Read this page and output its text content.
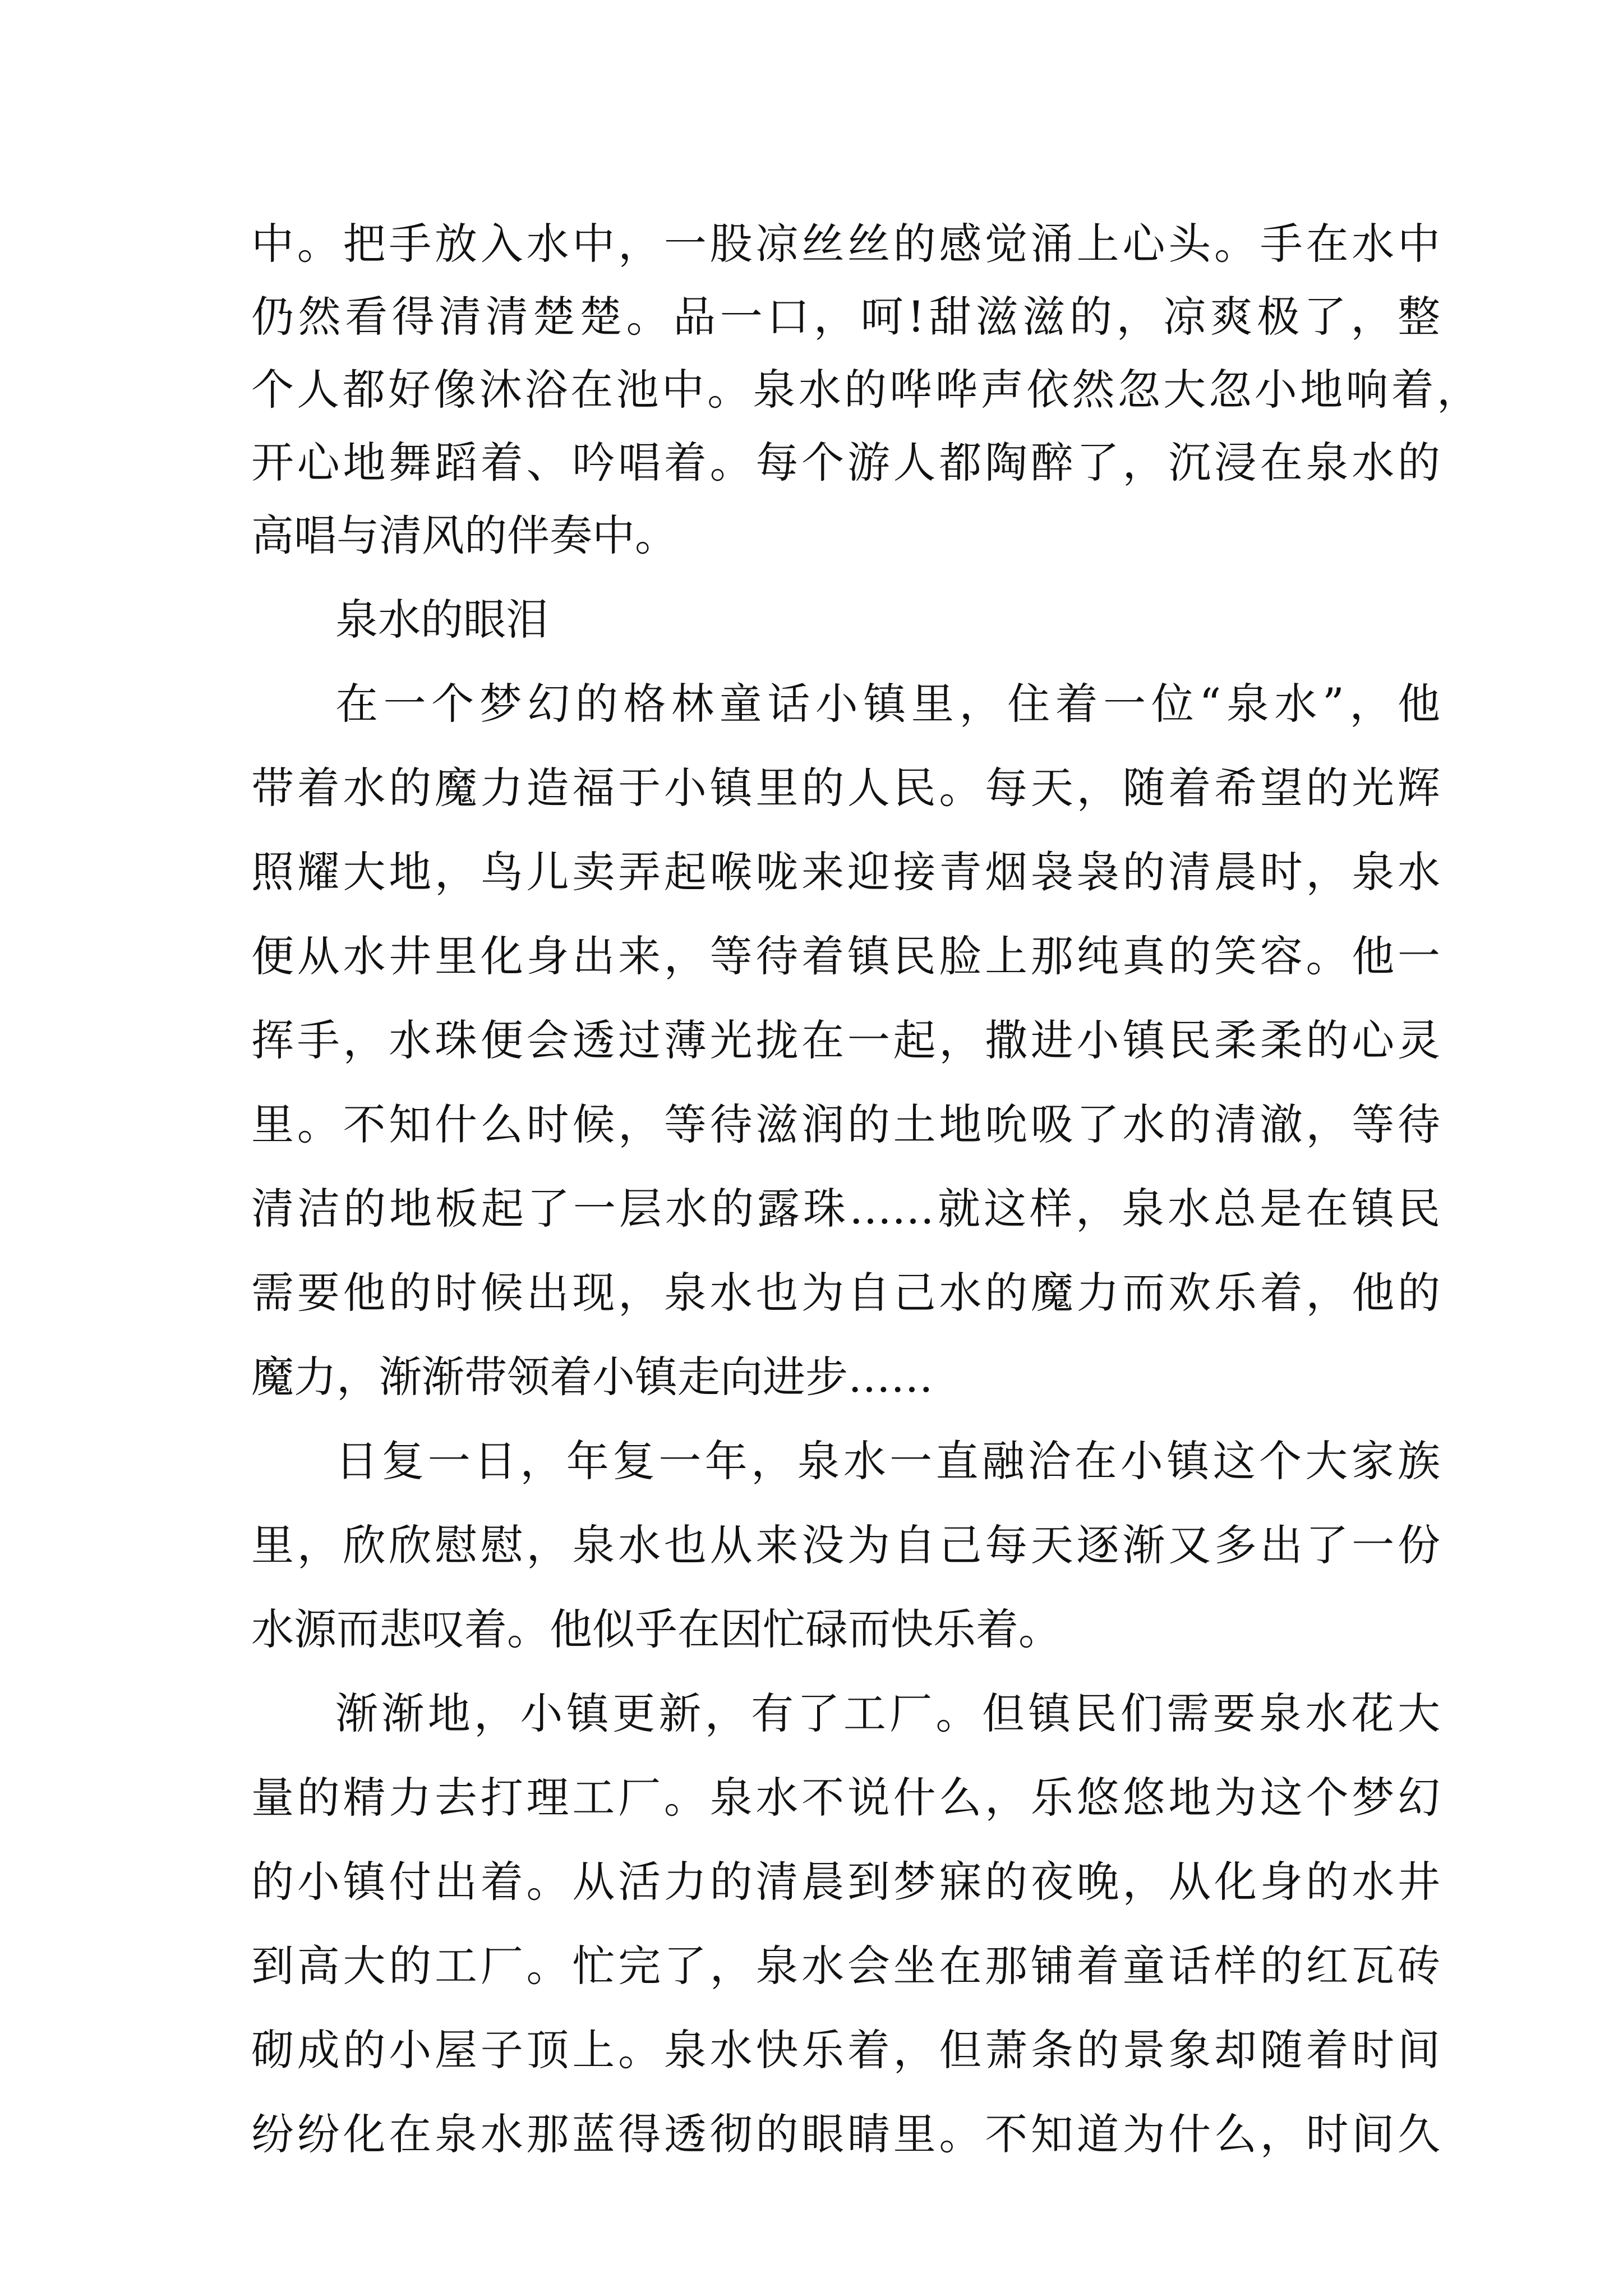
中。把手放入水中，一股凉丝丝的感觉涌上心头。手在水中
仍然看得清清楚楚。品一口，呵!甜滋滋的，凉爽极了，整
个人都好像沐浴在池中。泉水的哗哗声依然忽大忽小地响着，
开心地舞蹈着、吟唱着。每个游人都陶醉了，沉浸在泉水的
高唱与清风的伴奏中。
泉水的眼泪
在一个梦幻的格林童话小镇里，住着一位“泉水”，他
带着水的魔力造福于小镇里的人民。每天，随着希望的光辉
照耀大地，鸟儿卖弄起喉咙来迎接青烟袅袅的清晨时，泉水
便从水井里化身出来，等待着镇民脸上那纯真的笑容。他一
挥手，水珠便会透过薄光拢在一起，撒进小镇民柔柔的心灵
里。不知什么时候，等待滋润的土地吮吸了水的清澈，等待
清洁的地板起了一层水的露珠……就这样，泉水总是在镇民
需要他的时候出现，泉水也为自己水的魔力而欢乐着，他的
魔力，渐渐带领着小镇走向进步……
日复一日，年复一年，泉水一直融洽在小镇这个大家族
里，欣欣慰慰，泉水也从来没为自己每天逐渐又多出了一份
水源而悲叹着。他似乎在因忙碌而快乐着。
渐渐地，小镇更新，有了工厂。但镇民们需要泉水花大
量的精力去打理工厂。泉水不说什么，乐悠悠地为这个梦幻
的小镇付出着。从活力的清晨到梦寐的夜晚，从化身的水井
到高大的工厂。忙完了，泉水会坐在那铺着童话样的红瓦砖
砌成的小屋子顶上。泉水快乐着，但萧条的景象却随着时间
纷纷化在泉水那蓝得透彻的眼睛里。不知道为什么，时间久
